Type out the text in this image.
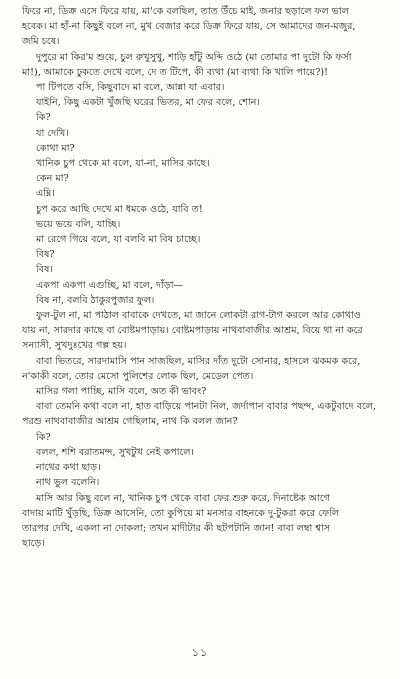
ফিরে না, ডিক্র এসে ফিরে যায়, মা'কে বলছিল, তাত উঁচে মাই, জনার ছড়ালে ফল ভাল
হবেক। মা হাঁ-না কিছুই বলে না, মুখ বেজার করে ডিক্র ফিরে যায়, সে আমাদের জন-মজুর,
জমি চষে।
দুপুরে মা কির'ম শুয়ে, চুল রুখুসুখু, শাড়ি হাঁটু অব্দি ওঠে (মা তোমার পা দুটো কি ফর্সা
মা!), আমাকে ঢুকতে দেখে বলে, দে ত টিপে, কী ব্যথা (মা ব্যথা কি খালি পায়ে?)!
পা টিপতে বসি, কিছুবাদে মা বলে, আন্না যা এবার।
যাইনি, কিছু একটা খুঁজছি ঘরের ভিতর, মা ফের বলে, শোন।
কি?
যা দেখি।
কোথা মা?
খানিক চুপ থেকে মা বলে, যা-না, মাসির কাছে।
কেন মা?
এম্নি।
চুপ করে আছি দেখে মা ধমকে ওঠে, যাবি ত!
ভয়ে ভয়ে বলি, যাচ্ছি।
মা রেগে গিয়ে বলে, যা বলবি মা বিষ চাচ্ছে।
বিষ?
বিষ।
একপা একপা এগুচ্ছি, মা বলে, দাঁড়া—
বিষ না, বলবি ঠাকুরপুজার ফুল।
ফুল-টুল না, মা পাঠাল বাবাকে দেখতে, মা জানে লোকটা রাগ-টাগ করলে আর কোথাও
যায় না, সারদার কাছে বা বোষ্টমপাড়ায়। বোষ্টমপাড়ায় নাথবাবাজীর আশ্রম, বিয়ে থা না করে
সন্যাসী, সুখদুঃখের গল্প হয়।
বাবা ভিতরে, সারদামাসি পান সাজছিল, মাসির দাঁত দুটো সোনার, হাসলে ঝকমক করে,
ন'কাকী বলে, তোর মেসো পুলিশের লোক ছিল, মেডেল পেত।
মাসির গলা পাচ্ছি, মাসি বলে, অত কী ভাবং?
বাবা তেমনি কথা বলে না, হাত বাড়িয়ে পানটা নিল, জর্দাপান বাবার পছন্দ, একটুবাদে বলে,
পরশু নাথবাবাজীর আশ্রম গেছিলাম, নাথ কি বলল জান?
কি?
বলল, শশি বরাতমন্দ, সুখটুখ নেই কপালে।
নাথের কথা ছাড়।
নাথ ভুল বলেনি।
মাসি আর কিছু বলে না, খানিক চুপ থেকে বাবা ফের শুরু করে, দিনাষ্টেক আগে
বাদায় মাটি খুঁড়ছি, ডিক্র আসেনি, তো কুপিয়ে মা মনসার বাহনকে দু-টুকরা করে ফেলি
তারপর দেখি, একলা না দোকলা; তখন মাদীটার কী ছটপটানি জান! বাবা লম্বা শ্বাস
ছাড়ে।
১১
